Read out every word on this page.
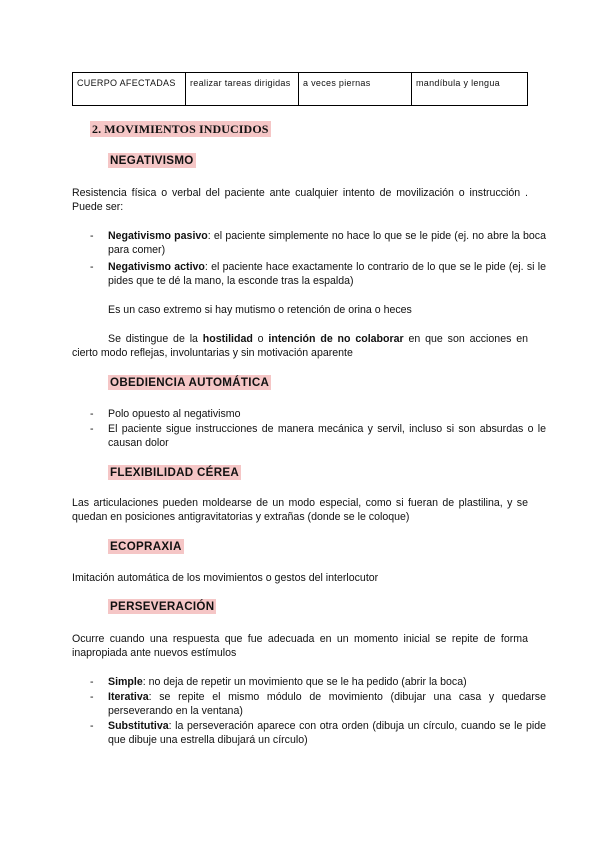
CUERPO AFECTADAS	realizar tareas dirigidas	a veces piernas	mandíbula y lengua
2. MOVIMIENTOS INDUCIDOS
NEGATIVISMO
Resistencia física o verbal del paciente ante cualquier intento de movilización o instrucción . Puede ser:
- Negativismo pasivo: el paciente simplemente no hace lo que se le pide (ej. no abre la boca para comer)
- Negativismo activo: el paciente hace exactamente lo contrario de lo que se le pide (ej. si le pides que te dé la mano, la esconde tras la espalda)
Es un caso extremo si hay mutismo o retención de orina o heces
Se distingue de la hostilidad o intención de no colaborar en que son acciones en cierto modo reflejas, involuntarias y sin motivación aparente
OBEDIENCIA AUTOMÁTICA
- Polo opuesto al negativismo
- El paciente sigue instrucciones de manera mecánica y servil, incluso si son absurdas o le causan dolor
FLEXIBILIDAD CÉREA
Las articulaciones pueden moldearse de un modo especial, como si fueran de plastilina, y se quedan en posiciones antigravitatorias y extrañas (donde se le coloque)
ECOPRAXIA
Imitación automática de los movimientos o gestos del interlocutor
PERSEVERACIÓN
Ocurre cuando una respuesta que fue adecuada en un momento inicial se repite de forma inapropiada ante nuevos estímulos
- Simple: no deja de repetir un movimiento que se le ha pedido (abrir la boca)
- Iterativa: se repite el mismo módulo de movimiento (dibujar una casa y quedarse perseverando en la ventana)
- Substitutiva: la perseveración aparece con otra orden (dibuja un círculo, cuando se le pide que dibuje una estrella dibujará un círculo)
